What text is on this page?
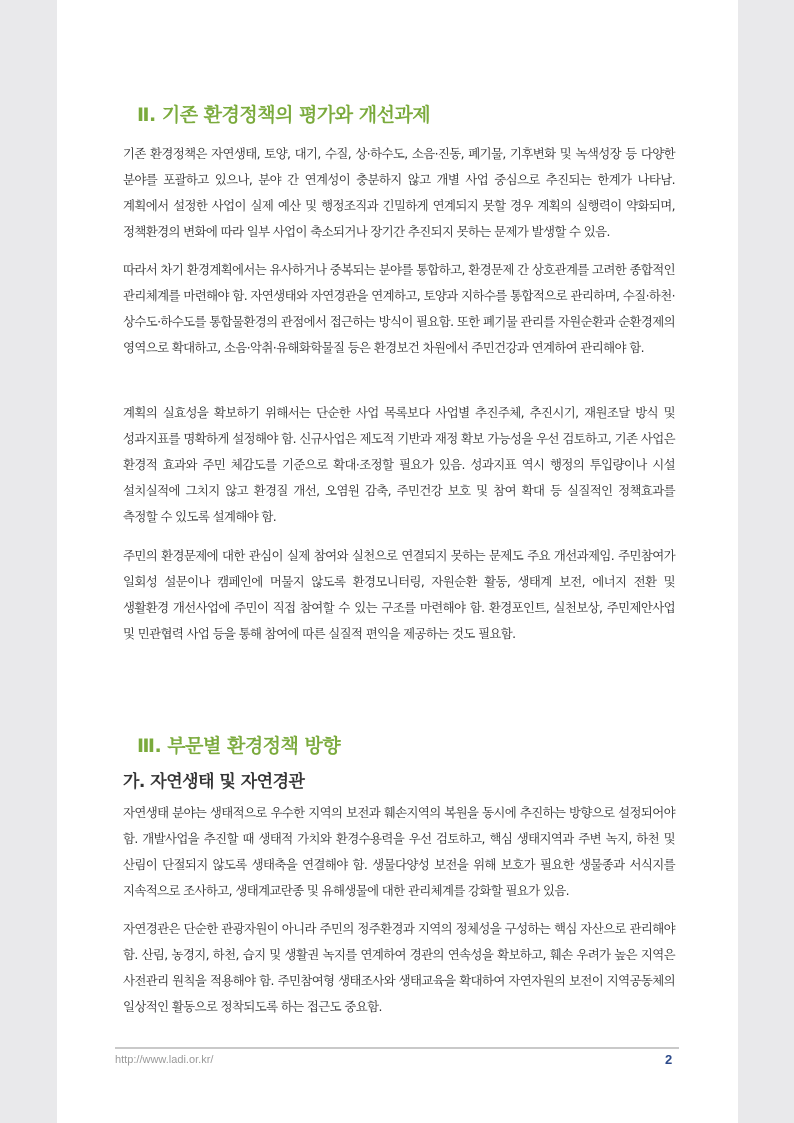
Ⅱ. 기존 환경정책의 평가와 개선과제
기존 환경정책은 자연생태, 토양, 대기, 수질, 상·하수도, 소음·진동, 폐기물, 기후변화 및 녹색성장 등 다양한 분야를 포괄하고 있으나, 분야 간 연계성이 충분하지 않고 개별 사업 중심으로 추진되는 한계가 나타남. 계획에서 설정한 사업이 실제 예산 및 행정조직과 긴밀하게 연계되지 못할 경우 계획의 실행력이 약화되며, 정책환경의 변화에 따라 일부 사업이 축소되거나 장기간 추진되지 못하는 문제가 발생할 수 있음.
따라서 차기 환경계획에서는 유사하거나 중복되는 분야를 통합하고, 환경문제 간 상호관계를 고려한 종합적인 관리체계를 마련해야 함. 자연생태와 자연경관을 연계하고, 토양과 지하수를 통합적으로 관리하며, 수질·하천·상수도·하수도를 통합물환경의 관점에서 접근하는 방식이 필요함. 또한 폐기물 관리를 자원순환과 순환경제의 영역으로 확대하고, 소음·악취·유해화학물질 등은 환경보건 차원에서 주민건강과 연계하여 관리해야 함.
계획의 실효성을 확보하기 위해서는 단순한 사업 목록보다 사업별 추진주체, 추진시기, 재원조달 방식 및 성과지표를 명확하게 설정해야 함. 신규사업은 제도적 기반과 재정 확보 가능성을 우선 검토하고, 기존 사업은 환경적 효과와 주민 체감도를 기준으로 확대·조정할 필요가 있음. 성과지표 역시 행정의 투입량이나 시설 설치실적에 그치지 않고 환경질 개선, 오염원 감축, 주민건강 보호 및 참여 확대 등 실질적인 정책효과를 측정할 수 있도록 설계해야 함.
주민의 환경문제에 대한 관심이 실제 참여와 실천으로 연결되지 못하는 문제도 주요 개선과제임. 주민참여가 일회성 설문이나 캠페인에 머물지 않도록 환경모니터링, 자원순환 활동, 생태계 보전, 에너지 전환 및 생활환경 개선사업에 주민이 직접 참여할 수 있는 구조를 마련해야 함. 환경포인트, 실천보상, 주민제안사업 및 민관협력 사업 등을 통해 참여에 따른 실질적 편익을 제공하는 것도 필요함.
Ⅲ. 부문별 환경정책 방향
가. 자연생태 및 자연경관
자연생태 분야는 생태적으로 우수한 지역의 보전과 훼손지역의 복원을 동시에 추진하는 방향으로 설정되어야 함. 개발사업을 추진할 때 생태적 가치와 환경수용력을 우선 검토하고, 핵심 생태지역과 주변 녹지, 하천 및 산림이 단절되지 않도록 생태축을 연결해야 함. 생물다양성 보전을 위해 보호가 필요한 생물종과 서식지를 지속적으로 조사하고, 생태계교란종 및 유해생물에 대한 관리체계를 강화할 필요가 있음.
자연경관은 단순한 관광자원이 아니라 주민의 정주환경과 지역의 정체성을 구성하는 핵심 자산으로 관리해야 함. 산림, 농경지, 하천, 습지 및 생활권 녹지를 연계하여 경관의 연속성을 확보하고, 훼손 우려가 높은 지역은 사전관리 원칙을 적용해야 함. 주민참여형 생태조사와 생태교육을 확대하여 자연자원의 보전이 지역공동체의 일상적인 활동으로 정착되도록 하는 접근도 중요함.
http://www.ladi.or.kr/	2
